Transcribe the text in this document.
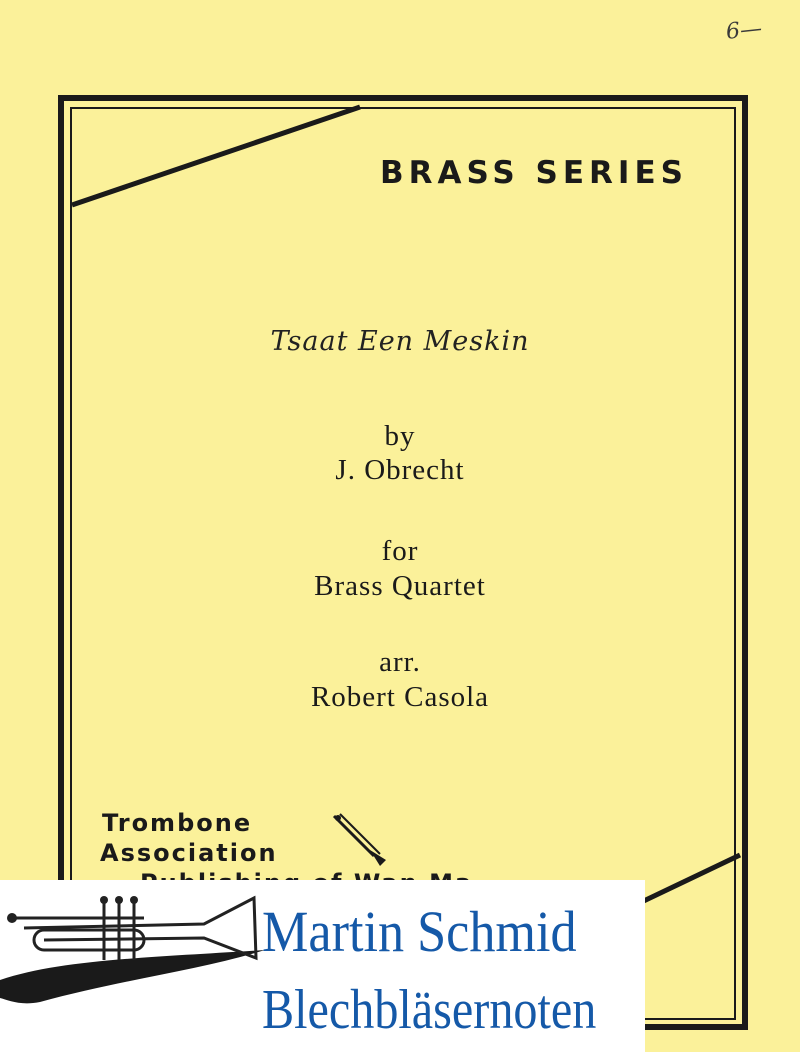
6—
BRASS SERIES
Tsaat Een Meskin
by
J. Obrecht
for
Brass Quartet
arr.
Robert Casola
Trombone
Association
Martin Schmid
Blechbläsernoten
